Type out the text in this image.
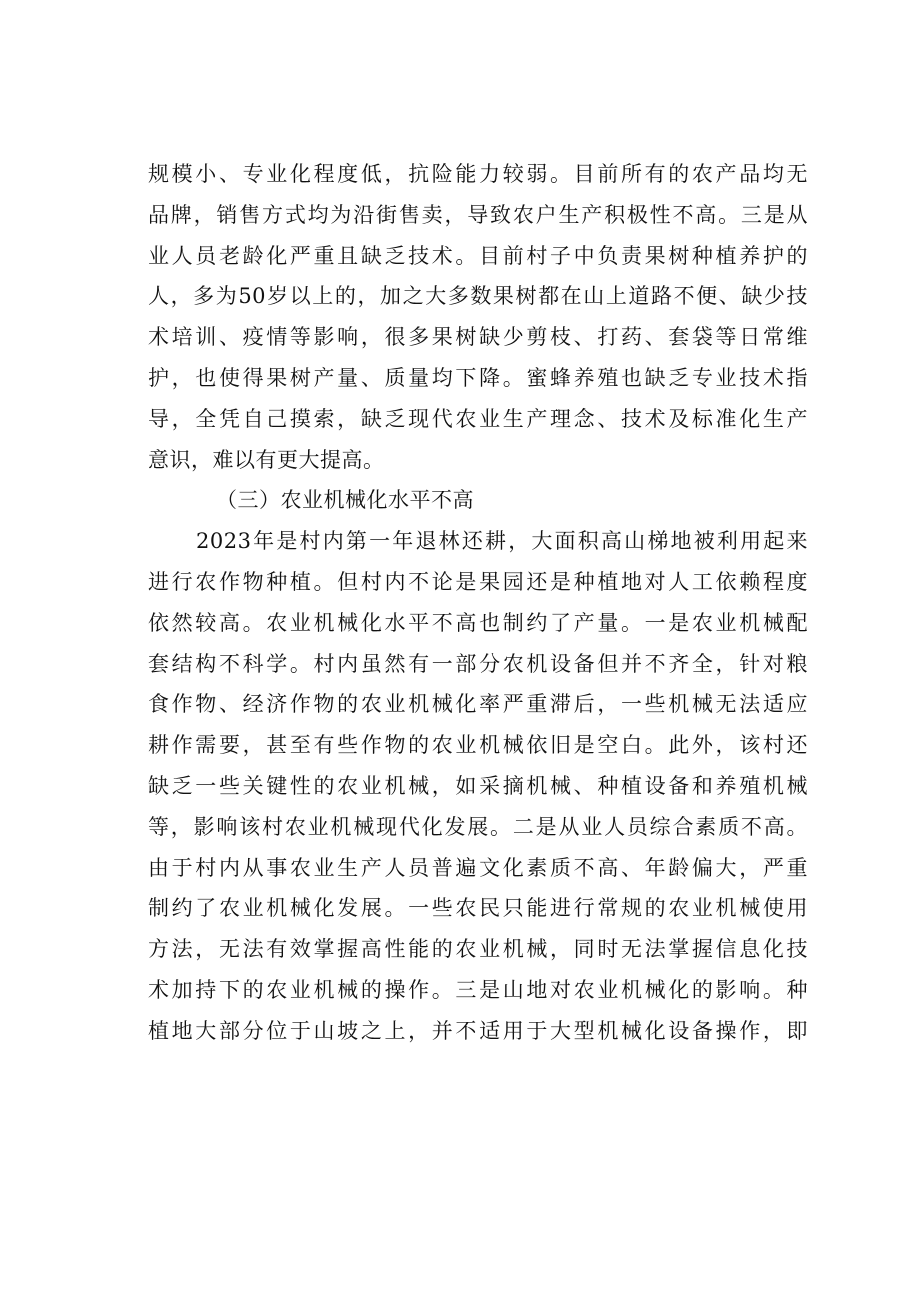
规模小、专业化程度低，抗险能力较弱。目前所有的农产品均无
品牌，销售方式均为沿街售卖，导致农户生产积极性不高。三是从
业人员老龄化严重且缺乏技术。目前村子中负责果树种植养护的
人，多为50岁以上的，加之大多数果树都在山上道路不便、缺少技
术培训、疫情等影响，很多果树缺少剪枝、打药、套袋等日常维
护，也使得果树产量、质量均下降。蜜蜂养殖也缺乏专业技术指
导，全凭自己摸索，缺乏现代农业生产理念、技术及标准化生产
意识，难以有更大提高。
（三）农业机械化水平不高
2023年是村内第一年退林还耕，大面积高山梯地被利用起来
进行农作物种植。但村内不论是果园还是种植地对人工依赖程度
依然较高。农业机械化水平不高也制约了产量。一是农业机械配
套结构不科学。村内虽然有一部分农机设备但并不齐全，针对粮
食作物、经济作物的农业机械化率严重滞后，一些机械无法适应
耕作需要，甚至有些作物的农业机械依旧是空白。此外，该村还
缺乏一些关键性的农业机械，如采摘机械、种植设备和养殖机械
等，影响该村农业机械现代化发展。二是从业人员综合素质不高。
由于村内从事农业生产人员普遍文化素质不高、年龄偏大，严重
制约了农业机械化发展。一些农民只能进行常规的农业机械使用
方法，无法有效掌握高性能的农业机械，同时无法掌握信息化技
术加持下的农业机械的操作。三是山地对农业机械化的影响。种
植地大部分位于山坡之上，并不适用于大型机械化设备操作，即
